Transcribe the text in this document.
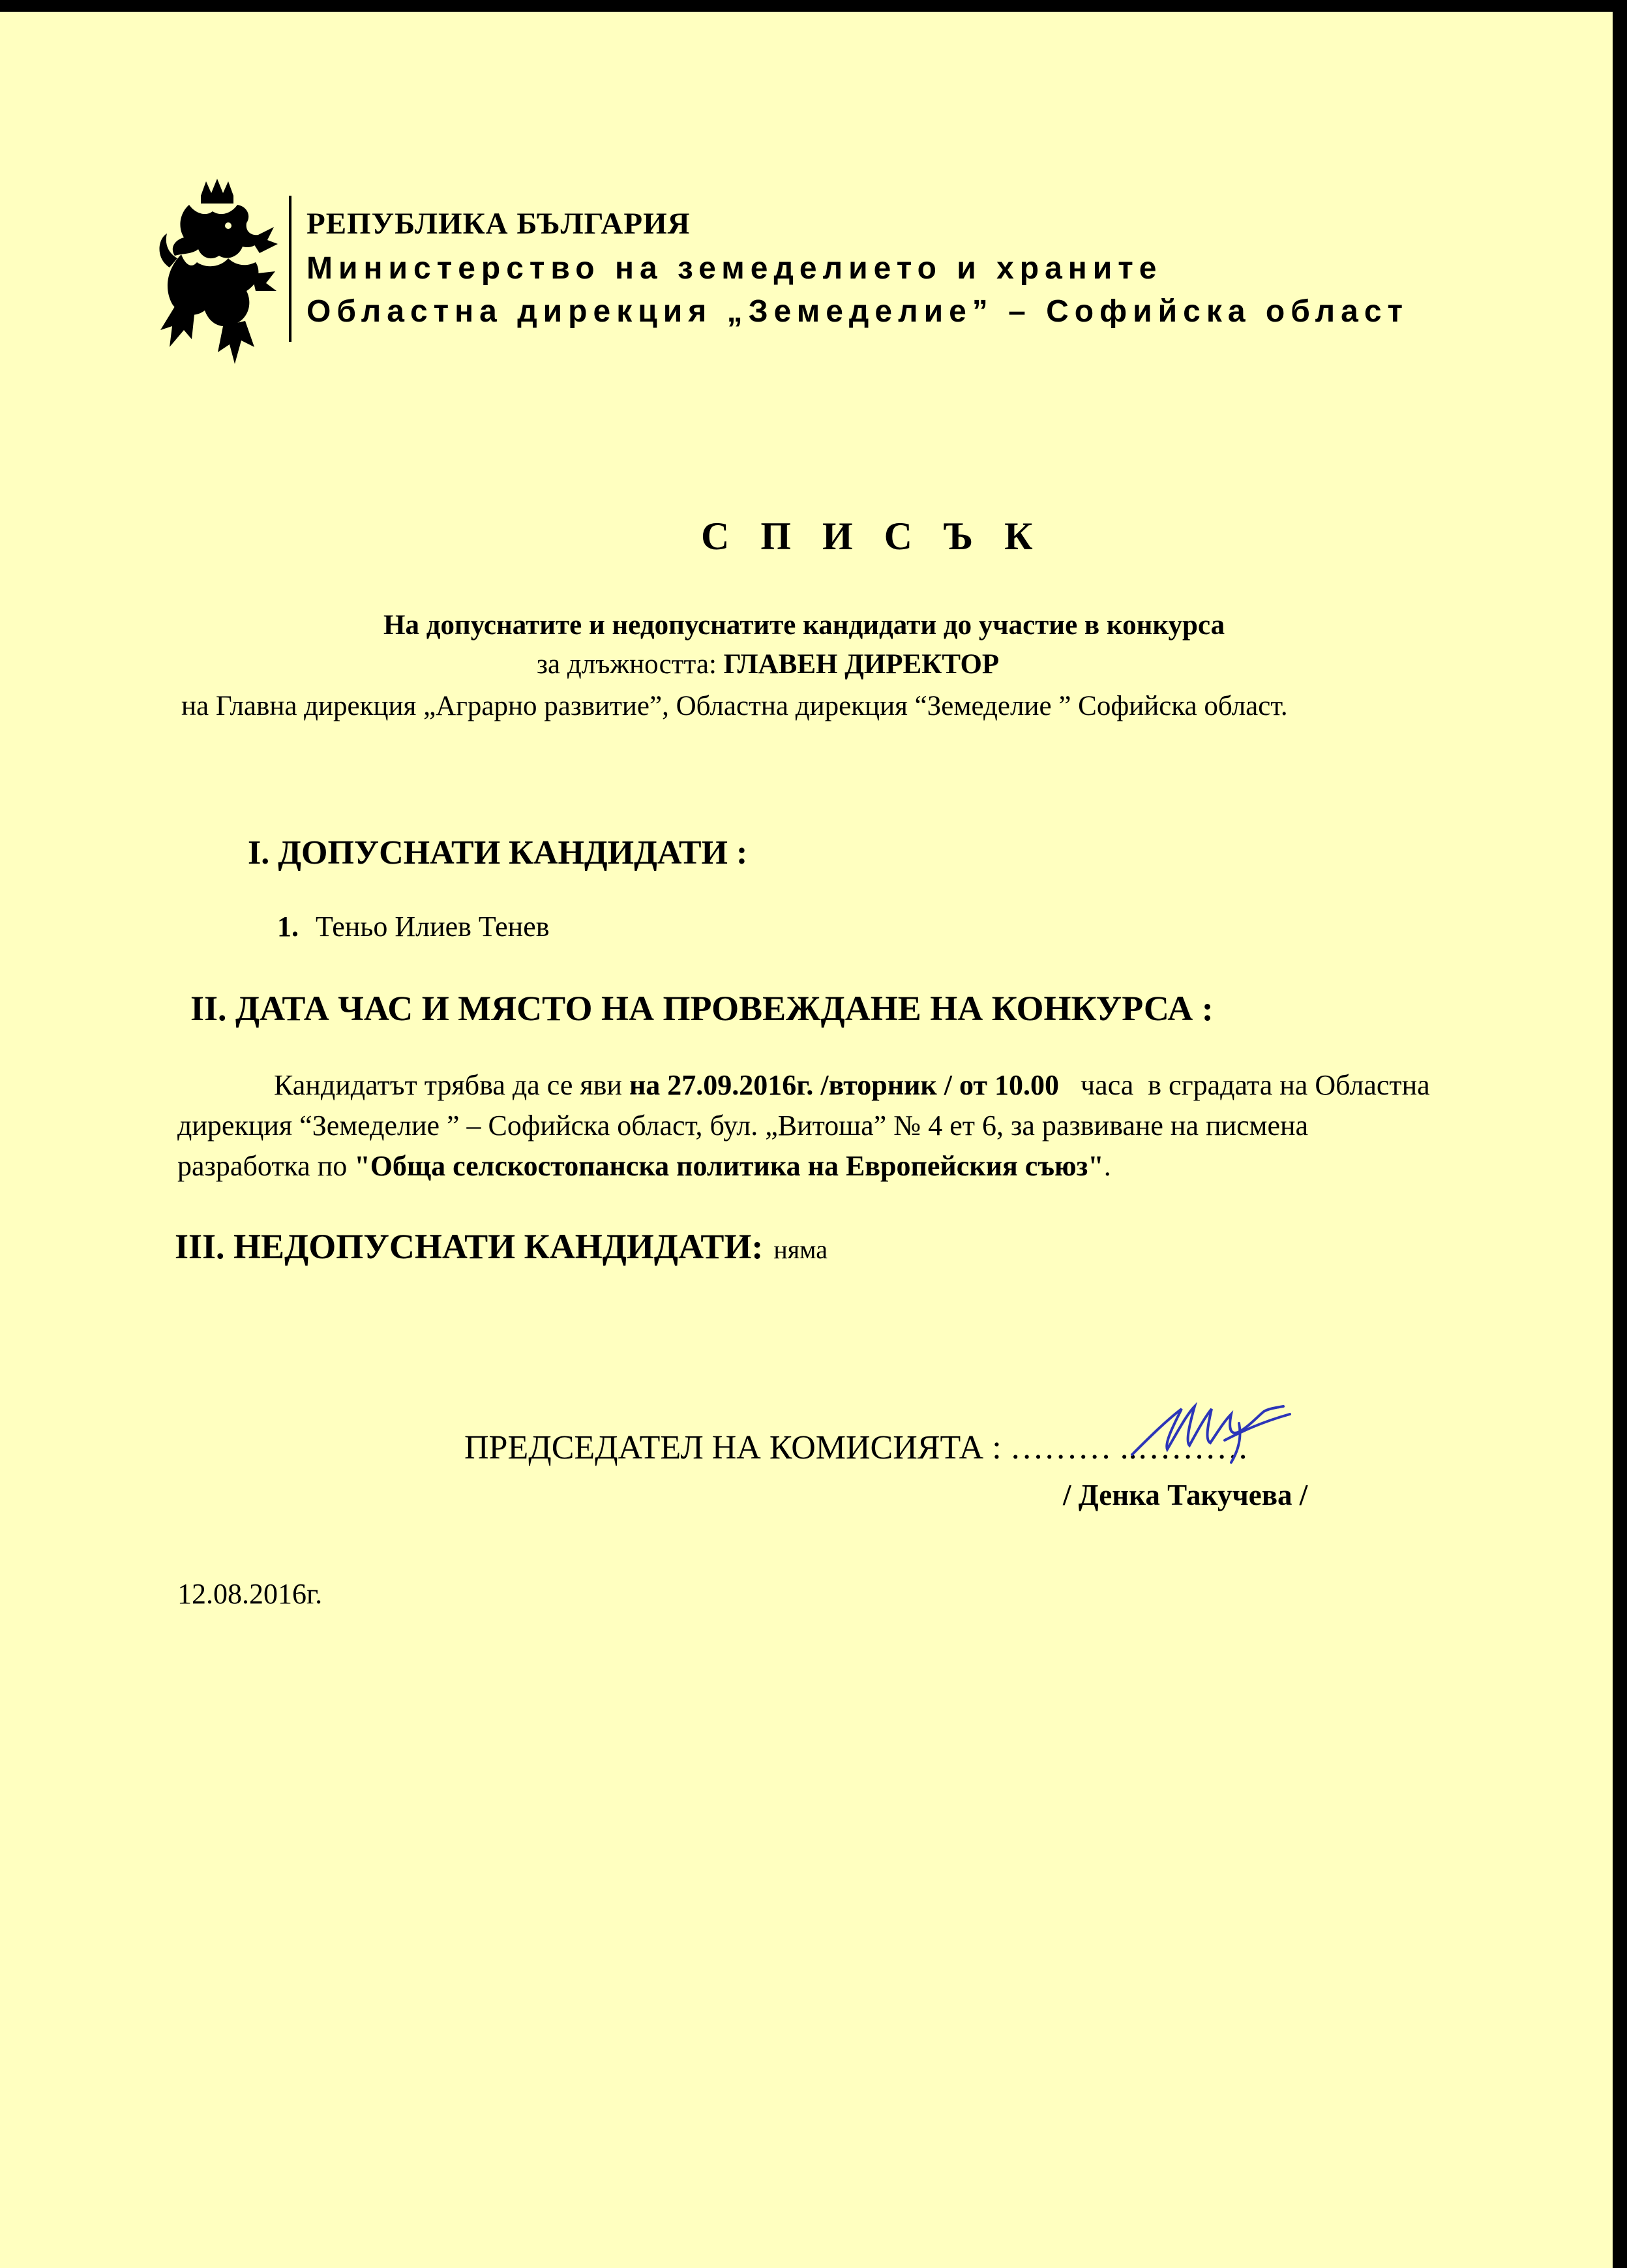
РЕПУБЛИКА БЪЛГАРИЯ
Министерство на земеделието и храните
Областна дирекция „Земеделие” – Софийска област
СПИСЪК
На допуснатите и недопуснатите кандидати до участие в конкурса
за длъжността: ГЛАВЕН ДИРЕКТОР
на Главна дирекция „Аграрно развитие”, Областна дирекция “Земеделие ” Софийска област.
I. ДОПУСНАТИ КАНДИДАТИ :
1. Теньо Илиев Тенев
II. ДАТА ЧАС И МЯСТО НА ПРОВЕЖДАНЕ НА КОНКУРСА :
Кандидатът трябва да се яви на 27.09.2016г. /вторник / от 10.00   часа  в сградата на Областна
дирекция “Земеделие ” – Софийска област, бул. „Витоша” № 4 ет 6, за развиване на писмена
разработка по "Обща селскостопанска политика на Европейския съюз".
III. НЕДОПУСНАТИ КАНДИДАТИ: няма
ПРЕДСЕДАТЕЛ НА КОМИСИЯТА : ……… ..……….
/ Денка Такучева /
12.08.2016г.
